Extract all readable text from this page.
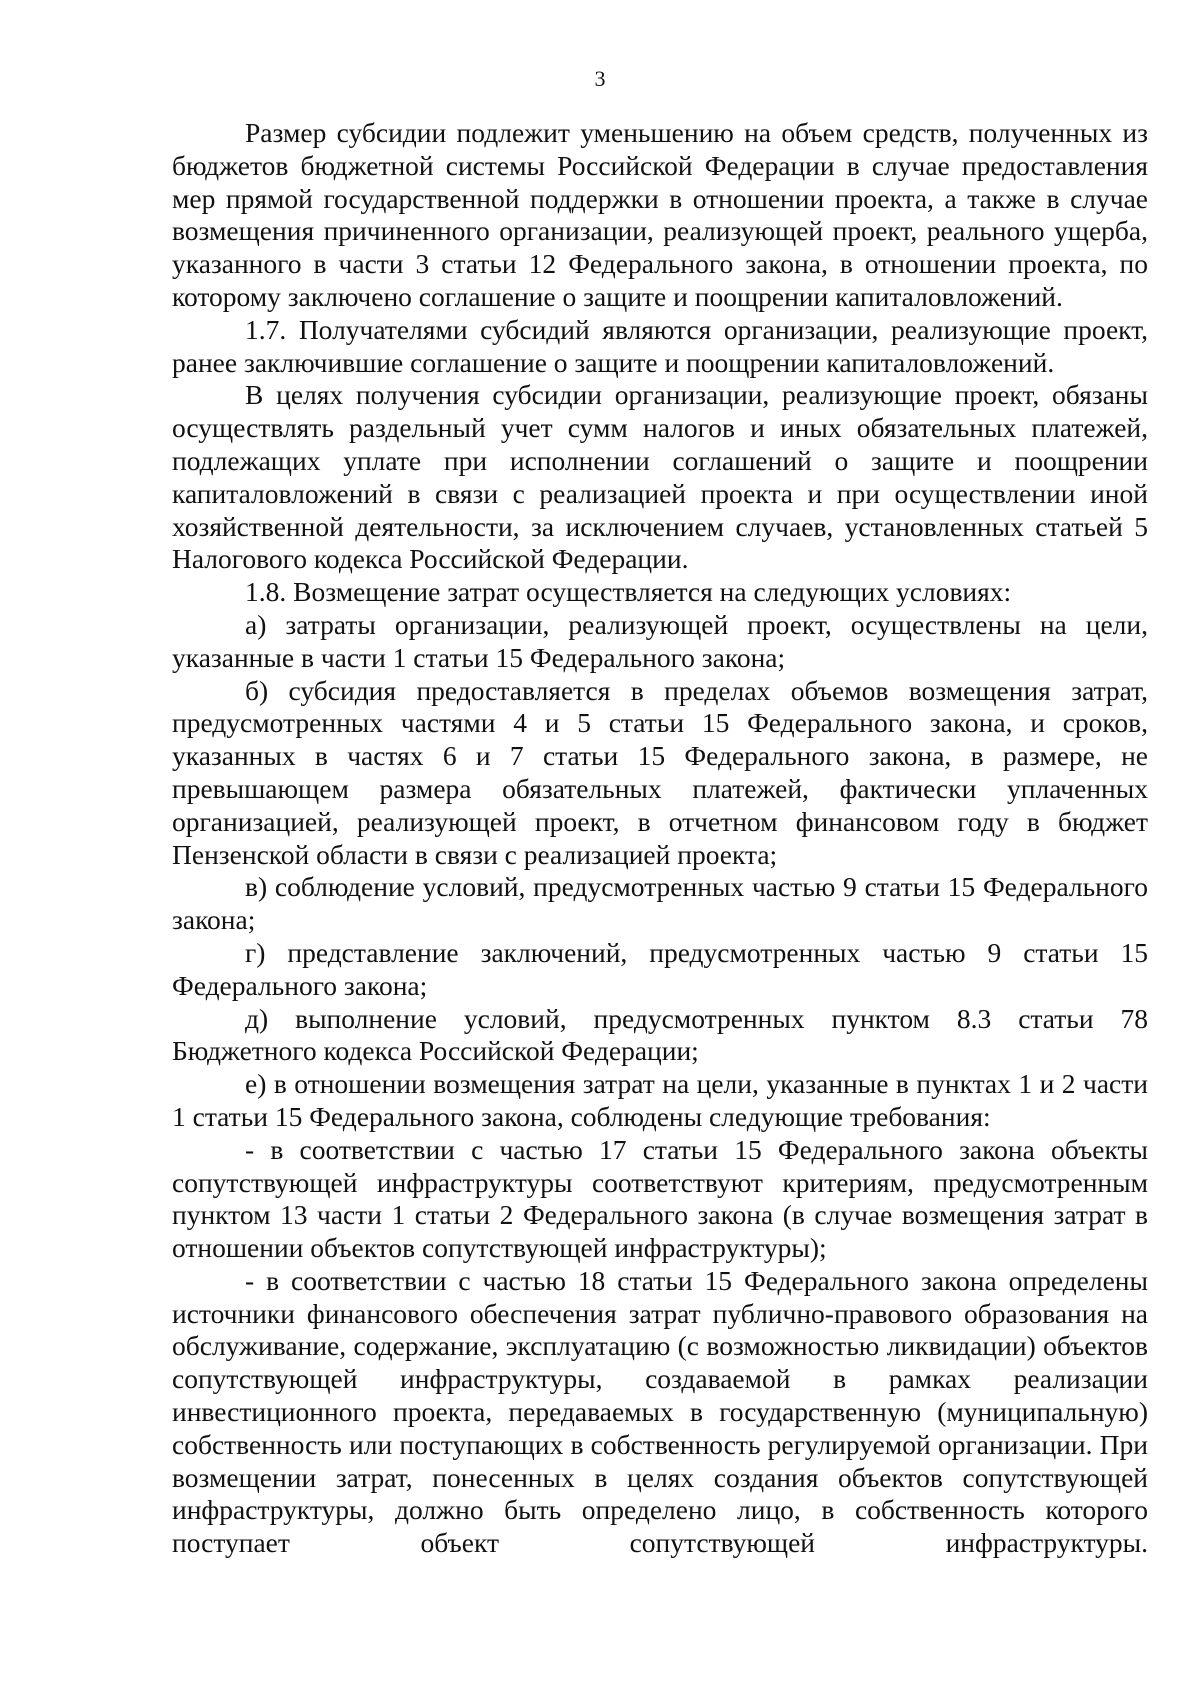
3

Размер субсидии подлежит уменьшению на объем средств, полученных из бюджетов бюджетной системы Российской Федерации в случае предоставления мер прямой государственной поддержки в отношении проекта, а также в случае возмещения причиненного организации, реализующей проект, реального ущерба, указанного в части 3 статьи 12 Федерального закона, в отношении проекта, по которому заключено соглашение о защите и поощрении капиталовложений.

1.7. Получателями субсидий являются организации, реализующие проект, ранее заключившие соглашение о защите и поощрении капиталовложений.

В целях получения субсидии организации, реализующие проект, обязаны осуществлять раздельный учет сумм налогов и иных обязательных платежей, подлежащих уплате при исполнении соглашений о защите и поощрении капиталовложений в связи с реализацией проекта и при осуществлении иной хозяйственной деятельности, за исключением случаев, установленных статьей 5 Налогового кодекса Российской Федерации.

1.8. Возмещение затрат осуществляется на следующих условиях:

а) затраты организации, реализующей проект, осуществлены на цели, указанные в части 1 статьи 15 Федерального закона;

б) субсидия предоставляется в пределах объемов возмещения затрат, предусмотренных частями 4 и 5 статьи 15 Федерального закона, и сроков, указанных в частях 6 и 7 статьи 15 Федерального закона, в размере, не превышающем размера обязательных платежей, фактически уплаченных организацией, реализующей проект, в отчетном финансовом году в бюджет Пензенской области в связи с реализацией проекта;

в) соблюдение условий, предусмотренных частью 9 статьи 15 Федерального закона;

г) представление заключений, предусмотренных частью 9 статьи 15 Федерального закона;

д) выполнение условий, предусмотренных пунктом 8.3 статьи 78 Бюджетного кодекса Российской Федерации;

е) в отношении возмещения затрат на цели, указанные в пунктах 1 и 2 части 1 статьи 15 Федерального закона, соблюдены следующие требования:

- в соответствии с частью 17 статьи 15 Федерального закона объекты сопутствующей инфраструктуры соответствуют критериям, предусмотренным пунктом 13 части 1 статьи 2 Федерального закона (в случае возмещения затрат в отношении объектов сопутствующей инфраструктуры);

- в соответствии с частью 18 статьи 15 Федерального закона определены источники финансового обеспечения затрат публично-правового образования на обслуживание, содержание, эксплуатацию (с возможностью ликвидации) объектов сопутствующей инфраструктуры, создаваемой в рамках реализации инвестиционного проекта, передаваемых в государственную (муниципальную) собственность или поступающих в собственность регулируемой организации. При возмещении затрат, понесенных в целях создания объектов сопутствующей инфраструктуры, должно быть определено лицо, в собственность которого поступает объект сопутствующей инфраструктуры.
